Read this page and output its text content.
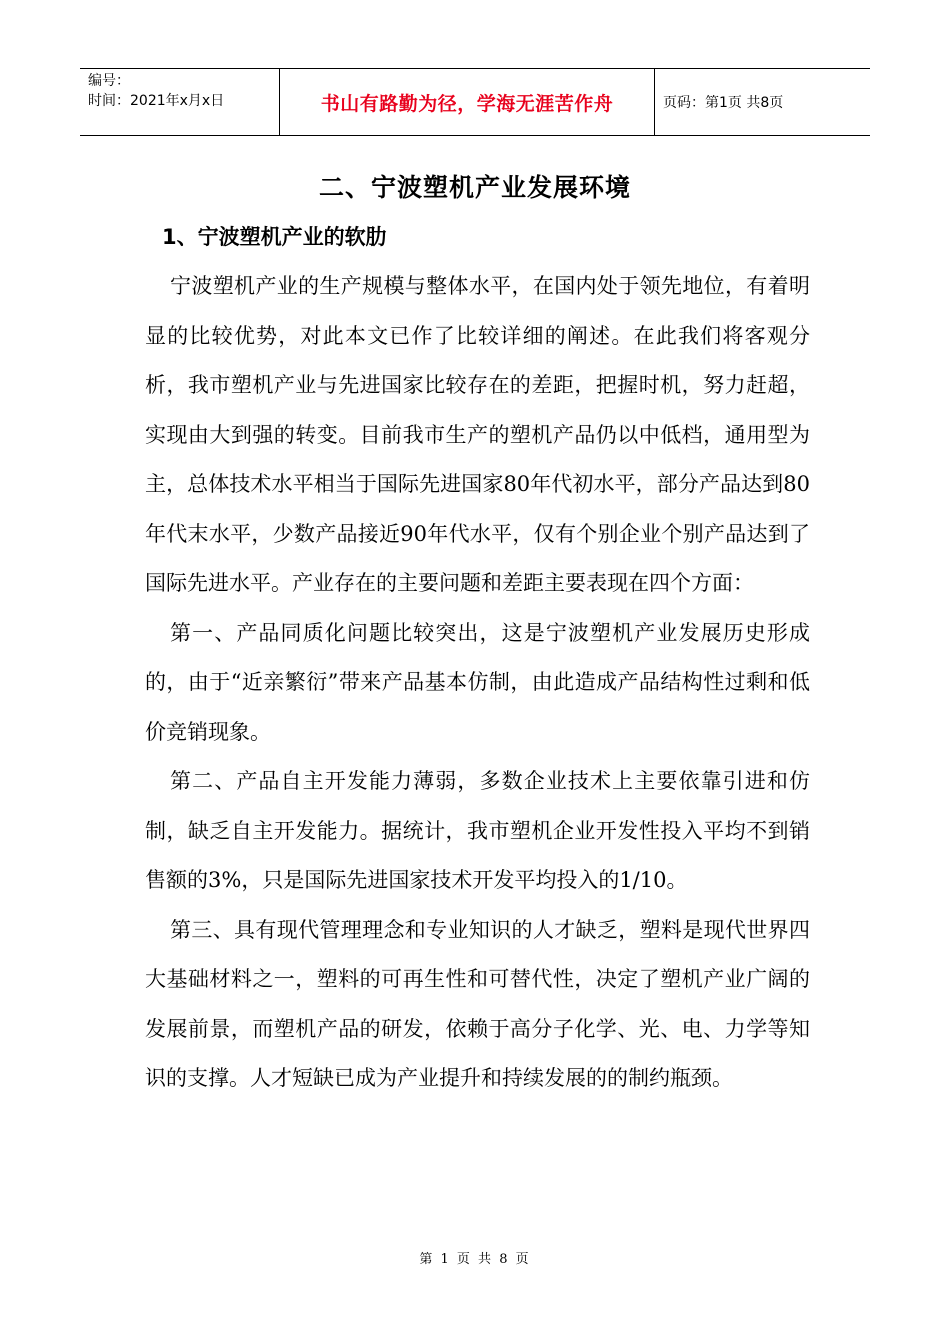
编号：
时间：2021年x月x日	书山有路勤为径，学海无涯苦作舟	页码：第1页 共8页
二、宁波塑机产业发展环境
1、宁波塑机产业的软肋

宁波塑机产业的生产规模与整体水平，在国内处于领先地位，有着明显的比较优势，对此本文已作了比较详细的阐述。在此我们将客观分析，我市塑机产业与先进国家比较存在的差距，把握时机，努力赶超，实现由大到强的转变。目前我市生产的塑机产品仍以中低档，通用型为主，总体技术水平相当于国际先进国家80年代初水平，部分产品达到80年代末水平，少数产品接近90年代水平，仅有个别企业个别产品达到了国际先进水平。产业存在的主要问题和差距主要表现在四个方面：

第一、产品同质化问题比较突出，这是宁波塑机产业发展历史形成的，由于“近亲繁衍”带来产品基本仿制，由此造成产品结构性过剩和低价竞销现象。

第二、产品自主开发能力薄弱，多数企业技术上主要依靠引进和仿制，缺乏自主开发能力。据统计，我市塑机企业开发性投入平均不到销售额的3%，只是国际先进国家技术开发平均投入的1/10。

第三、具有现代管理理念和专业知识的人才缺乏，塑料是现代世界四大基础材料之一，塑料的可再生性和可替代性，决定了塑机产业广阔的发展前景，而塑机产品的研发，依赖于高分子化学、光、电、力学等知识的支撑。人才短缺已成为产业提升和持续发展的的制约瓶颈。

第 1 页 共 8 页
